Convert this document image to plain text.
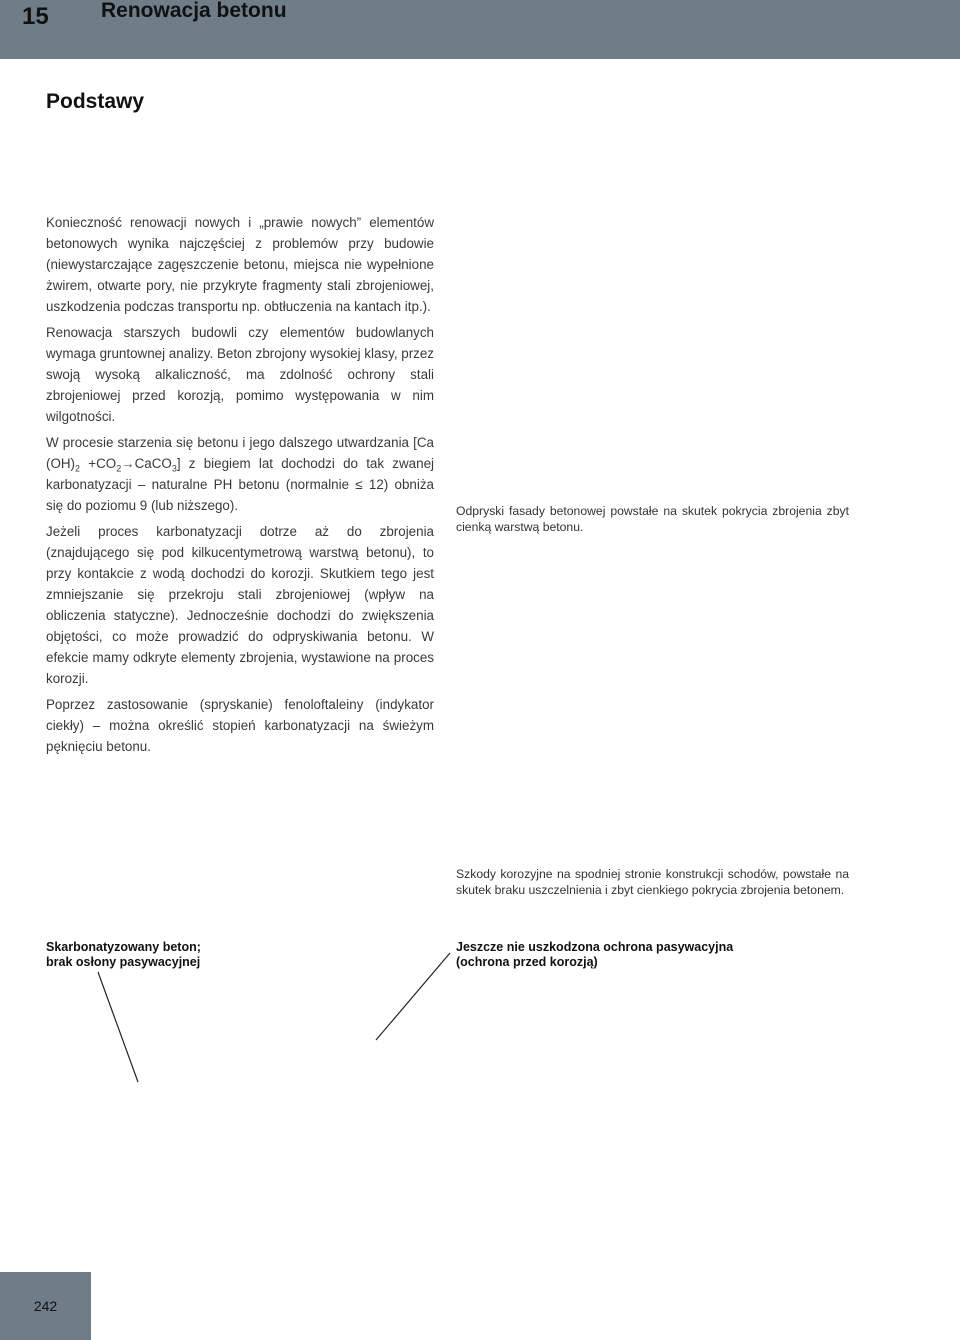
15 Renowacja betonu
Podstawy

Konieczność renowacji nowych i „prawie nowych” elementów betonowych wynika najczęściej z problemów przy budowie (niewystarczające zagęszczenie betonu, miejsca nie wypełnione żwirem, otwarte pory, nie przykryte fragmenty stali zbrojeniowej, uszkodzenia podczas transportu np. obtłuczenia na kantach itp.).

Renowacja starszych budowli czy elementów budowlanych wymaga gruntownej analizy. Beton zbrojony wysokiej klasy, przez swoją wysoką alkaliczność, ma zdolność ochrony stali zbrojeniowej przed korozją, pomimo występowania w nim wilgotności.

W procesie starzenia się betonu i jego dalszego utwardzania [Ca $(OH)_2$ $+CO_2\to CaCO_3$] z biegiem lat dochodzi do tak zwanej karbonatyzacji – naturalne PH betonu (normalnie ≤ 12) obniża się do poziomu 9 (lub niższego).

Jeżeli proces karbonatyzacji dotrze aż do zbrojenia (znajdującego się pod kilkucentymetrową warstwą betonu), to przy kontakcie z wodą dochodzi do korozji. Skutkiem tego jest zmniejszanie się przekroju stali zbrojeniowej (wpływ na obliczenia statyczne). Jednocześnie dochodzi do zwiększenia objętości, co może prowadzić do odpryskiwania betonu. W efekcie mamy odkryte elementy zbrojenia, wystawione na proces korozji.

Poprzez zastosowanie (spryskanie) fenoloftaleiny (indykator ciekły) – można określić stopień karbonatyzacji na świeżym pęknięciu betonu.

Odpryski fasady betonowej powstałe na skutek pokrycia zbrojenia zbyt cienką warstwą betonu.

Szkody korozyjne na spodniej stronie konstrukcji schodów, powstałe na skutek braku uszczelnienia i zbyt cienkiego pokrycia zbrojenia betonem.

Skarbonatyzowany beton;
brak osłony pasywacyjnej
Jeszcze nie uszkodzona ochrona pasywacyjna
(ochrona przed korozją)

242
